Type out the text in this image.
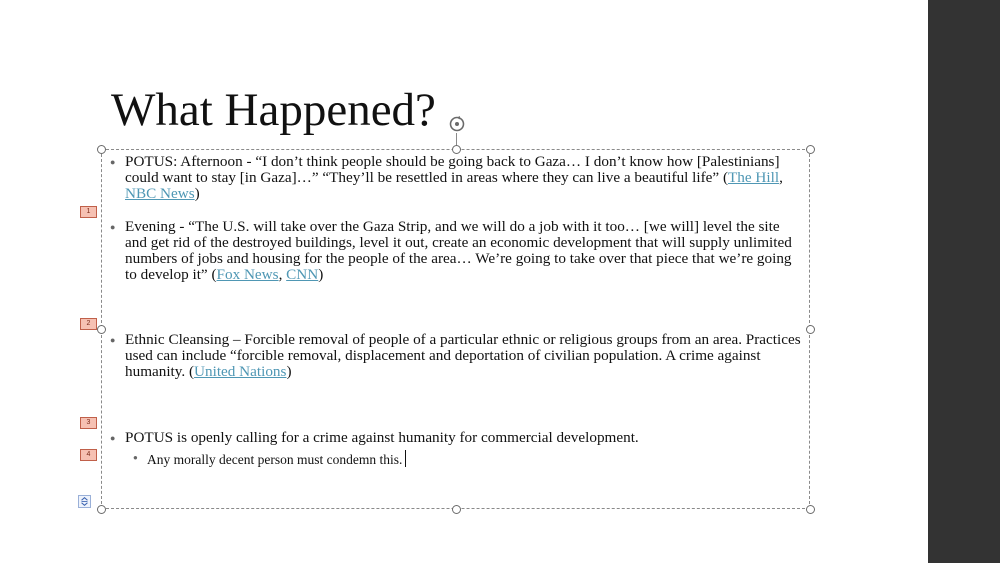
What Happened?
1
2
3
4
● POTUS: Afternoon - “I don’t think people should be going back to Gaza… I don’t know how [Palestinians] could want to stay [in Gaza]…” “They’ll be resettled in areas where they can live a beautiful life” (The Hill, NBC News)
● Evening - “The U.S. will take over the Gaza Strip, and we will do a job with it too… [we will] level the site and get rid of the destroyed buildings, level it out, create an economic development that will supply unlimited numbers of jobs and housing for the people of the area… We’re going to take over that piece that we’re going to develop it” (Fox News, CNN)
● Ethnic Cleansing – Forcible removal of people of a particular ethnic or religious groups from an area. Practices used can include “forcible removal, displacement and deportation of civilian population. A crime against humanity. (United Nations)
● POTUS is openly calling for a crime against humanity for commercial development.
● Any morally decent person must condemn this.
